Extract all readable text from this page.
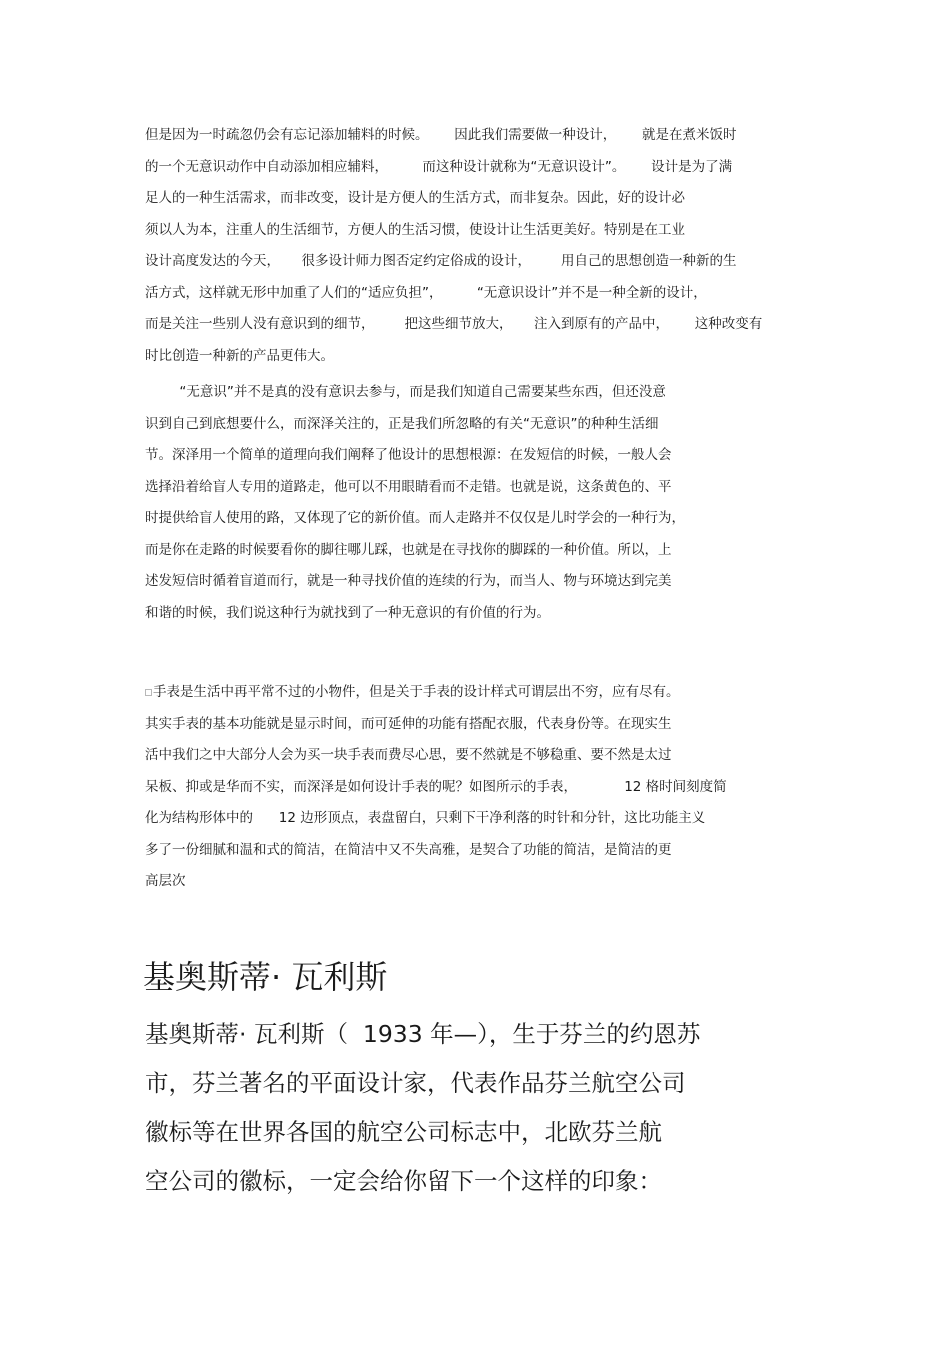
但是因为一时疏忽仍会有忘记添加辅料的时候。      因此我们需要做一种设计，      就是在煮米饭时
的一个无意识动作中自动添加相应辅料，        而这种设计就称为“无意识设计”。      设计是为了满
足人的一种生活需求，而非改变，设计是方便人的生活方式，而非复杂。因此，好的设计必
须以人为本，注重人的生活细节，方便人的生活习惯，使设计让生活更美好。特别是在工业
设计高度发达的今天，     很多设计师力图否定约定俗成的设计，       用自己的思想创造一种新的生
活方式，这样就无形中加重了人们的“适应负担”，        “无意识设计”并不是一种全新的设计，
而是关注一些别人没有意识到的细节，       把这些细节放大，     注入到原有的产品中，      这种改变有
时比创造一种新的产品更伟大。
“无意识”并不是真的没有意识去参与，而是我们知道自己需要某些东西，但还没意
识到自己到底想要什么，而深泽关注的，正是我们所忽略的有关“无意识”的种种生活细
节。深泽用一个简单的道理向我们阐释了他设计的思想根源：在发短信的时候，一般人会
选择沿着给盲人专用的道路走，他可以不用眼睛看而不走错。也就是说，这条黄色的、平
时提供给盲人使用的路，又体现了它的新价值。而人走路并不仅仅是儿时学会的一种行为，
而是你在走路的时候要看你的脚往哪儿踩，也就是在寻找你的脚踩的一种价值。所以，上
述发短信时循着盲道而行，就是一种寻找价值的连续的行为，而当人、物与环境达到完美
和谐的时候，我们说这种行为就找到了一种无意识的有价值的行为。
手表是生活中再平常不过的小物件，但是关于手表的设计样式可谓层出不穷，应有尽有。
其实手表的基本功能就是显示时间，而可延伸的功能有搭配衣服，代表身份等。在现实生
活中我们之中大部分人会为买一块手表而费尽心思，要不然就是不够稳重、要不然是太过
呆板、抑或是华而不实，而深泽是如何设计手表的呢？如图所示的手表，           12 格时间刻度简
化为结构形体中的      12 边形顶点，表盘留白，只剩下干净利落的时针和分针，这比功能主义
多了一份细腻和温和式的简洁，在简洁中又不失高雅，是契合了功能的简洁，是简洁的更
高层次
基奥斯蒂· 瓦利斯
基奥斯蒂· 瓦利斯（  1933 年—），生于芬兰的约恩苏
市，芬兰著名的平面设计家，代表作品芬兰航空公司
徽标等在世界各国的航空公司标志中，北欧芬兰航
空公司的徽标，一定会给你留下一个这样的印象：
